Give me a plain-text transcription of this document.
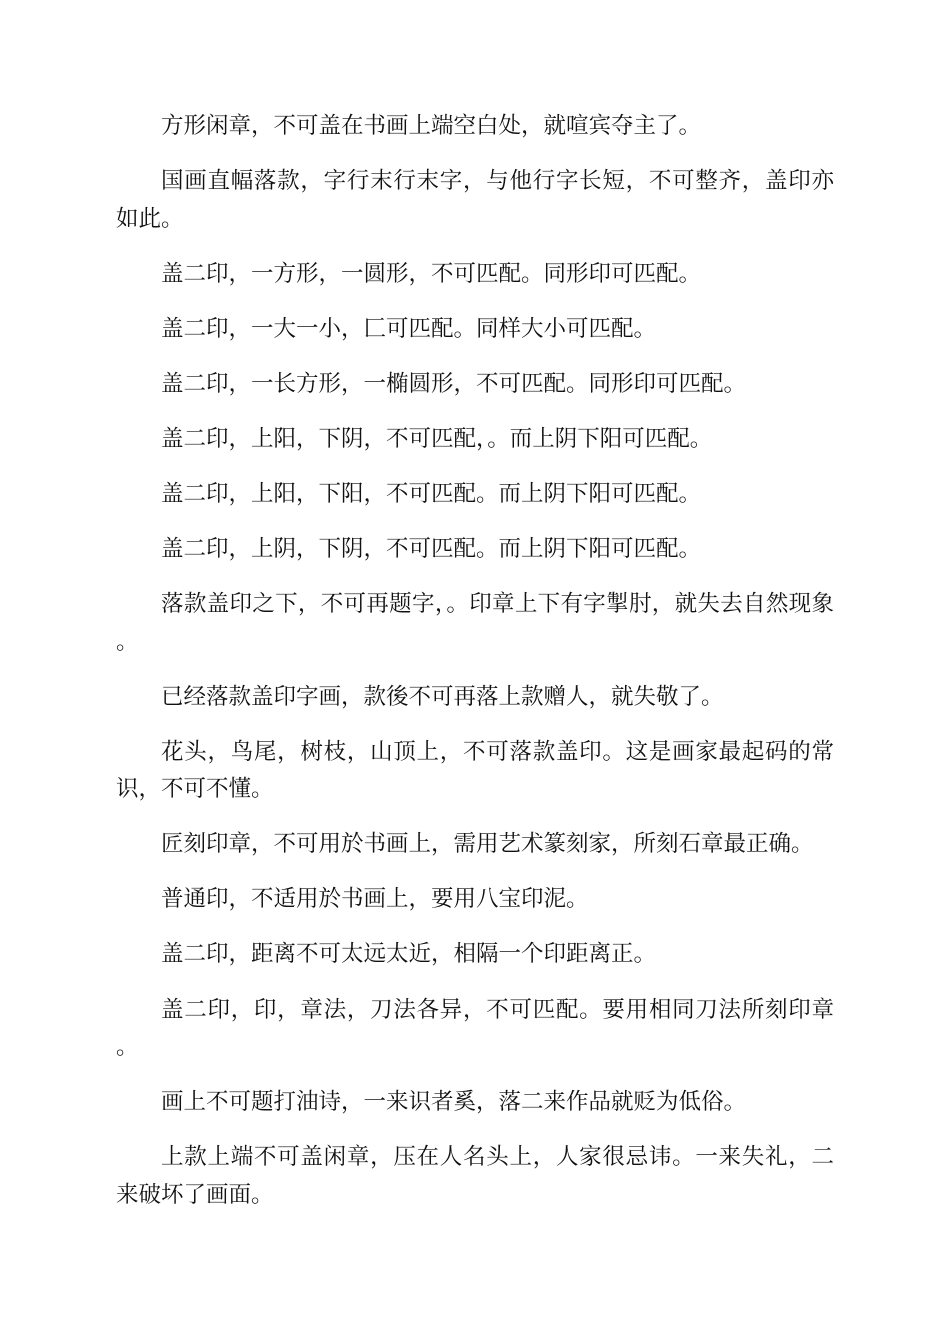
方形闲章，不可盖在书画上端空白处，就喧宾夺主了。

国画直幅落款，字行末行末字，与他行字长短，不可整齐，盖印亦如此。

盖二印，一方形，一圆形，不可匹配。同形印可匹配。

盖二印，一大一小，匚可匹配。同样大小可匹配。

盖二印，一长方形，一椭圆形，不可匹配。同形印可匹配。

盖二印，上阳，下阴，不可匹配，。而上阴下阳可匹配。

盖二印，上阳，下阳，不可匹配。而上阴下阳可匹配。

盖二印，上阴，下阴，不可匹配。而上阴下阳可匹配。

落款盖印之下，不可再题字，。印章上下有字掣肘，就失去自然现象。

已经落款盖印字画，款後不可再落上款赠人，就失敬了。

花头，鸟尾，树枝，山顶上，不可落款盖印。这是画家最起码的常识，不可不懂。

匠刻印章，不可用於书画上，需用艺术篆刻家，所刻石章最正确。

普通印，不适用於书画上，要用八宝印泥。

盖二印，距离不可太远太近，相隔一个印距离正。

盖二印，印，章法，刀法各异，不可匹配。要用相同刀法所刻印章。

画上不可题打油诗，一来识者奚，落二来作品就贬为低俗。

上款上端不可盖闲章，压在人名头上，人家很忌讳。一来失礼，二来破坏了画面。
